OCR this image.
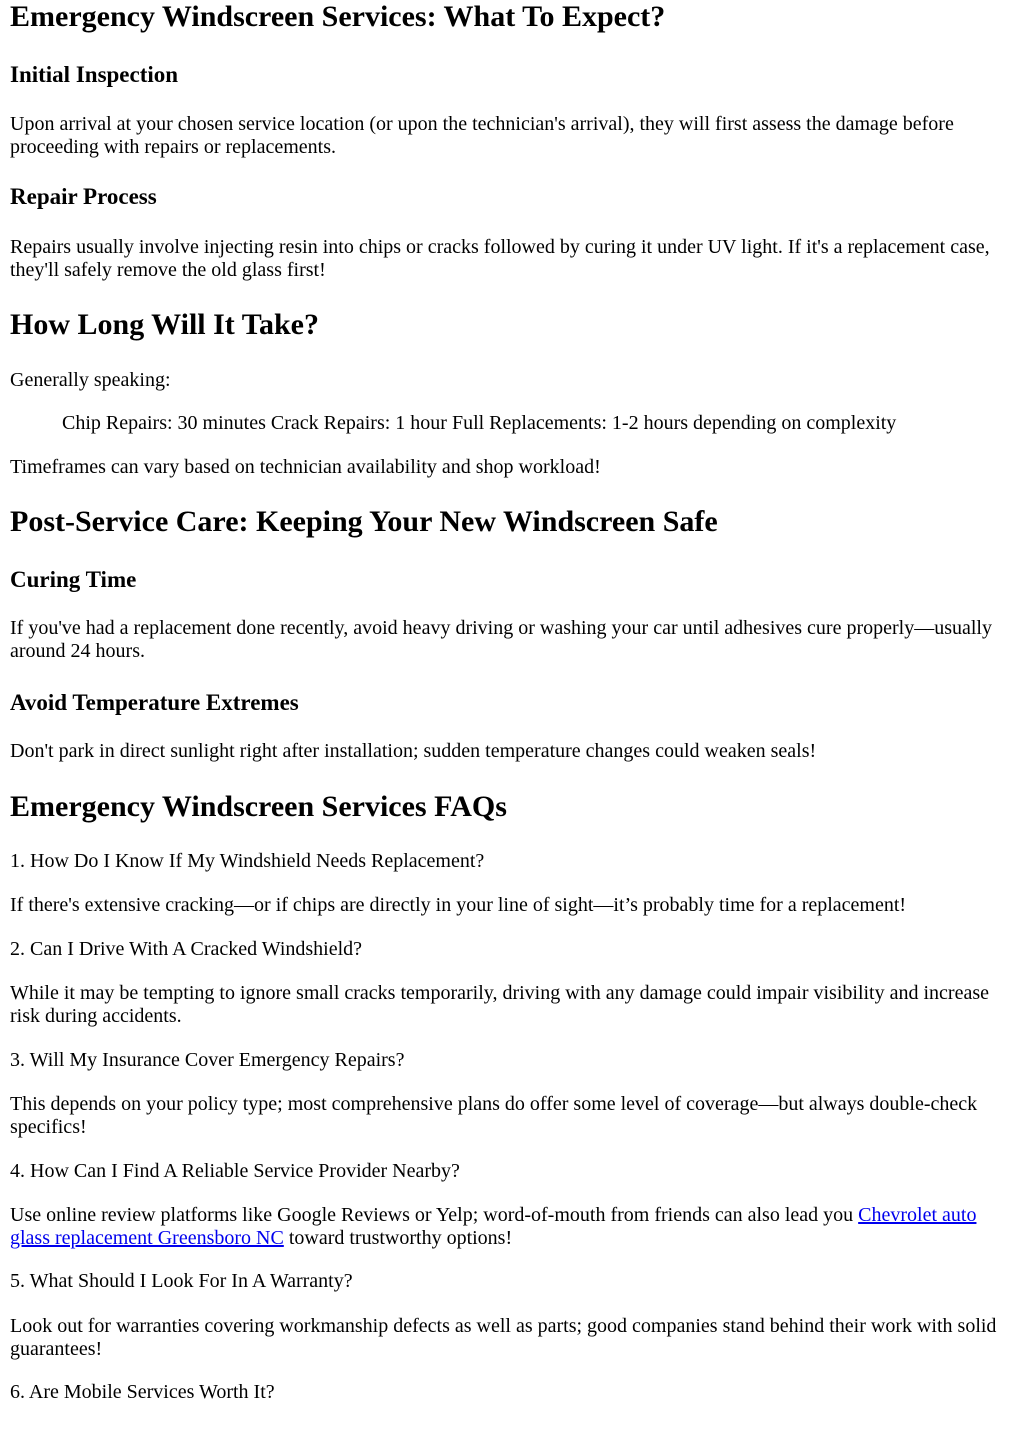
Emergency Windscreen Services: What To Expect?
Initial Inspection

Upon arrival at your chosen service location (or upon the technician's arrival), they will first assess the damage before proceeding with repairs or replacements.

Repair Process

Repairs usually involve injecting resin into chips or cracks followed by curing it under UV light. If it's a replacement case, they'll safely remove the old glass first!

How Long Will It Take?

Generally speaking:

Chip Repairs: 30 minutes Crack Repairs: 1 hour Full Replacements: 1-2 hours depending on complexity

Timeframes can vary based on technician availability and shop workload!

Post-Service Care: Keeping Your New Windscreen Safe
Curing Time

If you've had a replacement done recently, avoid heavy driving or washing your car until adhesives cure properly—usually around 24 hours.

Avoid Temperature Extremes

Don't park in direct sunlight right after installation; sudden temperature changes could weaken seals!

Emergency Windscreen Services FAQs

1. How Do I Know If My Windshield Needs Replacement?

If there's extensive cracking—or if chips are directly in your line of sight—it’s probably time for a replacement!

2. Can I Drive With A Cracked Windshield?

While it may be tempting to ignore small cracks temporarily, driving with any damage could impair visibility and increase risk during accidents.

3. Will My Insurance Cover Emergency Repairs?

This depends on your policy type; most comprehensive plans do offer some level of coverage—but always double-check specifics!

4. How Can I Find A Reliable Service Provider Nearby?

Use online review platforms like Google Reviews or Yelp; word-of-mouth from friends can also lead you Chevrolet auto glass replacement Greensboro NC toward trustworthy options!

5. What Should I Look For In A Warranty?

Look out for warranties covering workmanship defects as well as parts; good companies stand behind their work with solid guarantees!

6. Are Mobile Services Worth It?
